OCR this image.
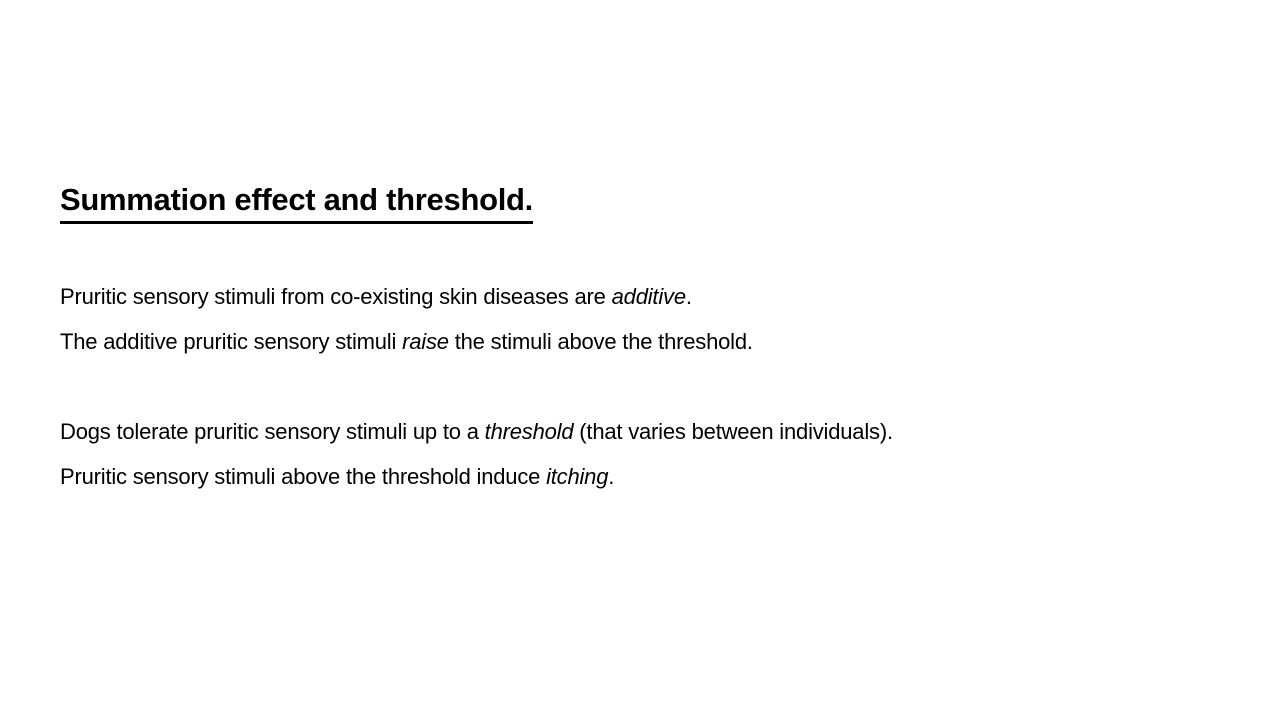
Summation effect and threshold.

Pruritic sensory stimuli from co-existing skin diseases are additive.

The additive pruritic sensory stimuli raise the stimuli above the threshold.

Dogs tolerate pruritic sensory stimuli up to a threshold (that varies between individuals).

Pruritic sensory stimuli above the threshold induce itching.
